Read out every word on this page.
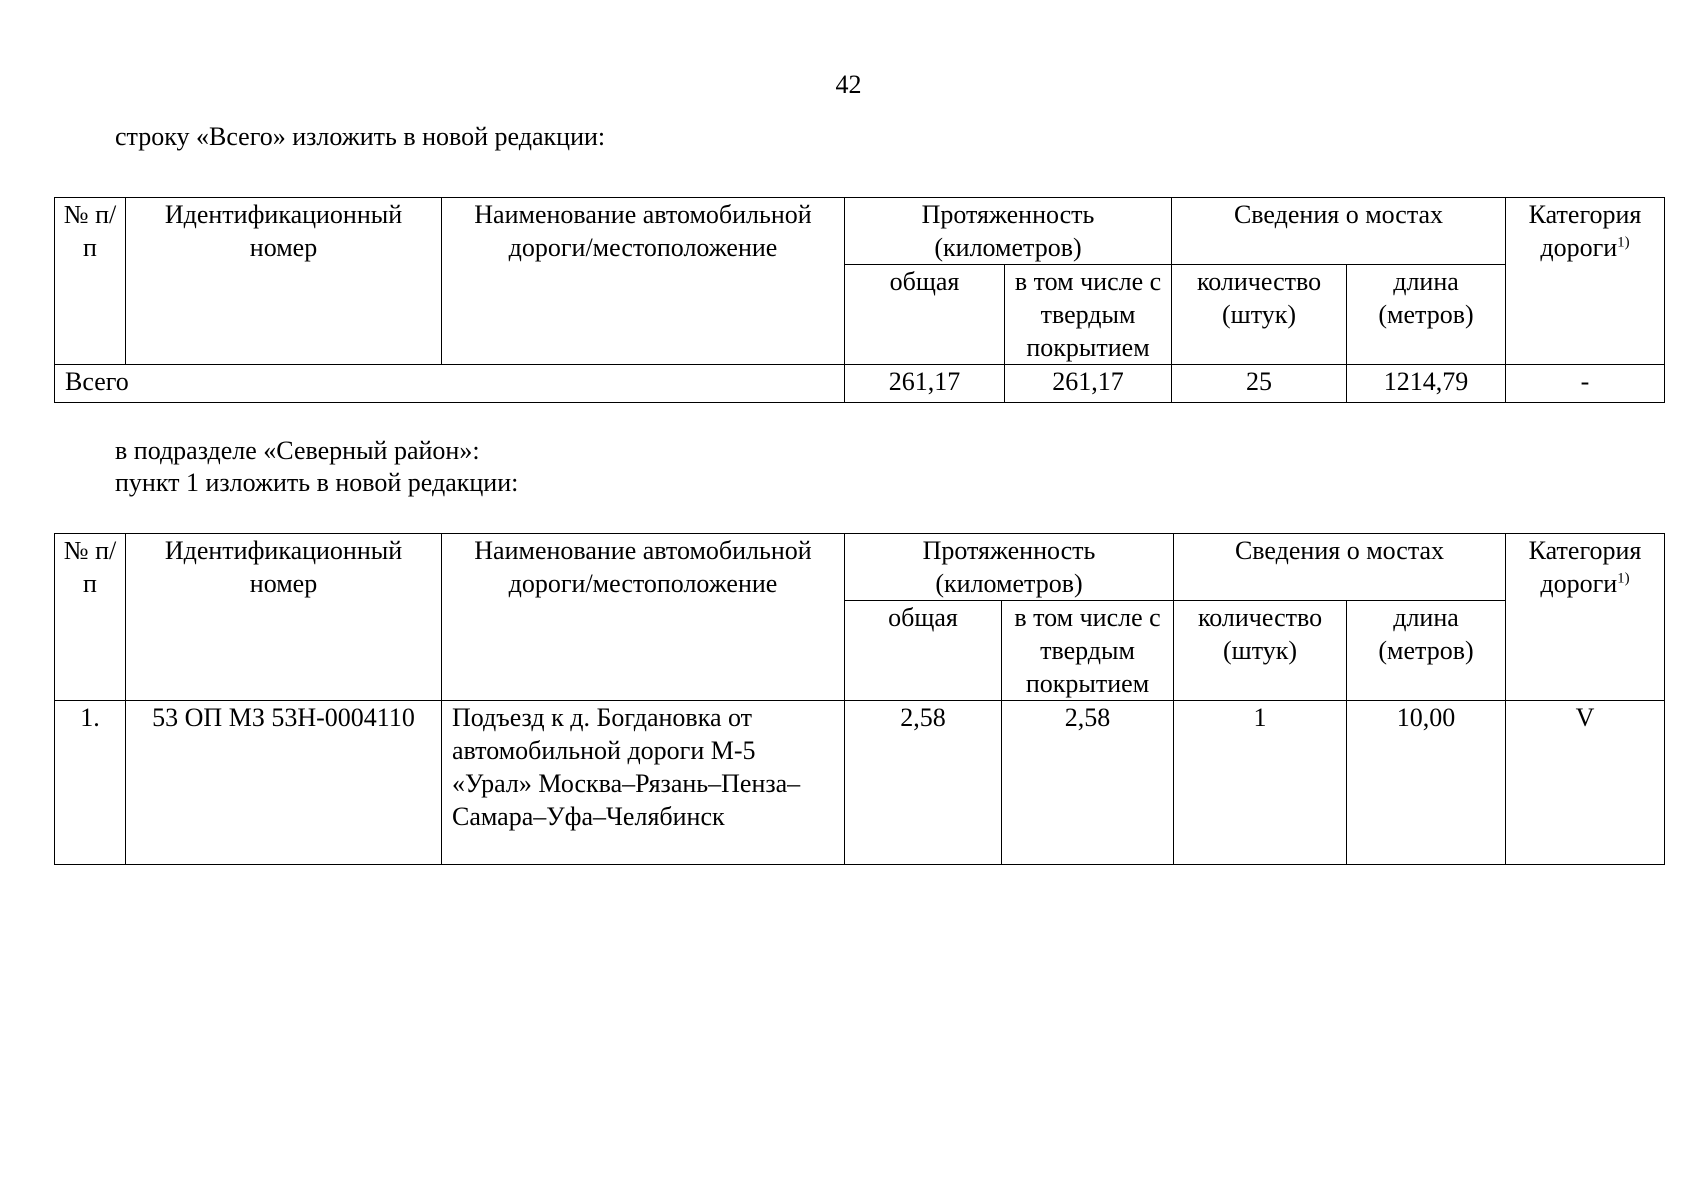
42
строку «Всего» изложить в новой редакции:
№ п/п	Идентификационный номер	Наименование автомобильной дороги/местоположение	Протяженность (километров)		Сведения о мостах		Категория дороги$^{1)}$
			общая	в том числе с твердым покрытием	количество (штук)	длина (метров)	
Всего			261,17	261,17	25	1214,79	-
в подразделе «Северный район»:
пункт 1 изложить в новой редакции:
№ п/п	Идентификационный номер	Наименование автомобильной дороги/местоположение	Протяженность (километров)		Сведения о мостах		Категория дороги$^{1)}$
			общая	в том числе с твердым покрытием	количество (штук)	длина (метров)	
1.	53 ОП МЗ 53Н-0004110	Подъезд к д. Богдановка от автомобильной дороги М-5 «Урал» Москва–Рязань–Пенза–Самара–Уфа–Челябинск	2,58	2,58	1	10,00	V
